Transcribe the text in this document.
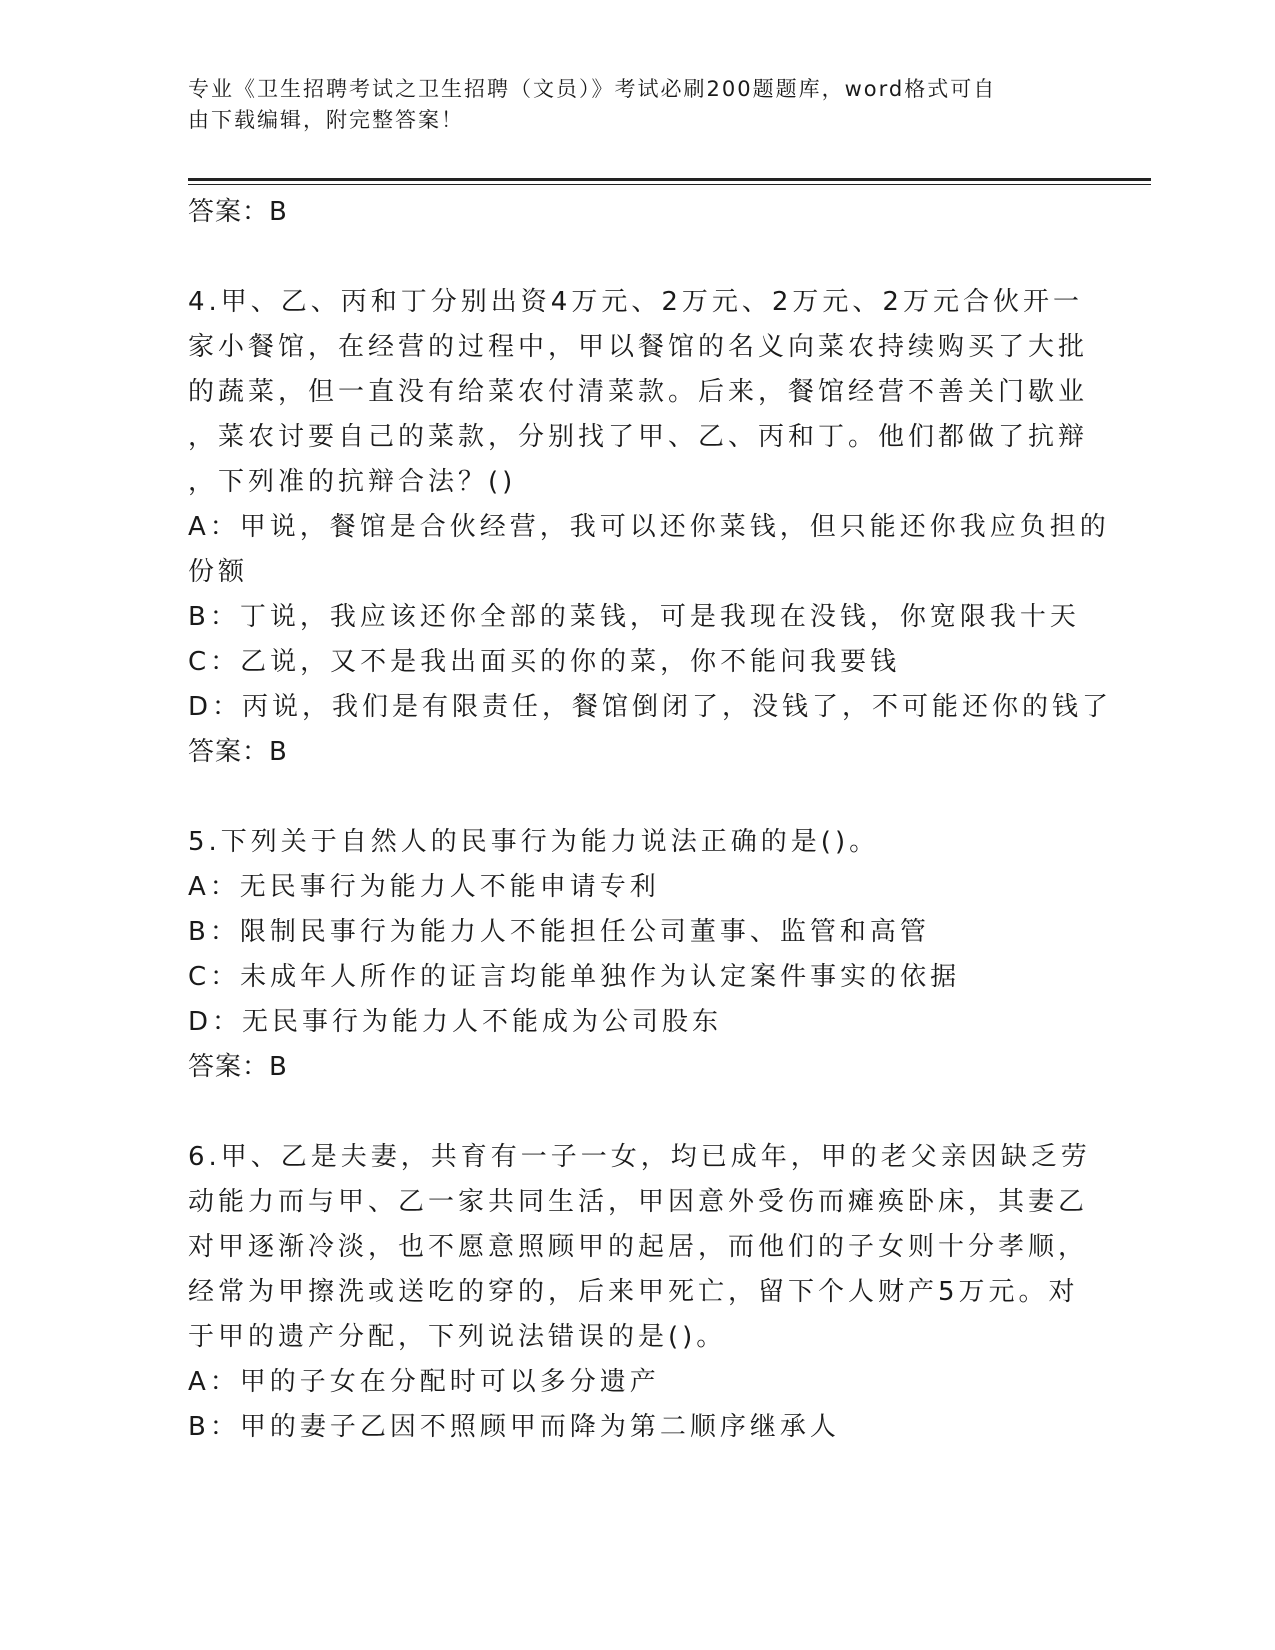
专业《卫生招聘考试之卫生招聘（文员）》考试必刷200题题库，word格式可自
由下载编辑，附完整答案！
答案：B
4.甲、乙、丙和丁分别出资4万元、2万元、2万元、2万元合伙开一
家小餐馆，在经营的过程中，甲以餐馆的名义向菜农持续购买了大批
的蔬菜，但一直没有给菜农付清菜款。后来，餐馆经营不善关门歇业
，菜农讨要自己的菜款，分别找了甲、乙、丙和丁。他们都做了抗辩
，下列准的抗辩合法？()
A：甲说，餐馆是合伙经营，我可以还你菜钱，但只能还你我应负担的
份额
B：丁说，我应该还你全部的菜钱，可是我现在没钱，你宽限我十天
C：乙说，又不是我出面买的你的菜，你不能问我要钱
D：丙说，我们是有限责任，餐馆倒闭了，没钱了，不可能还你的钱了
答案：B
5.下列关于自然人的民事行为能力说法正确的是()。
A：无民事行为能力人不能申请专利
B：限制民事行为能力人不能担任公司董事、监管和高管
C：未成年人所作的证言均能单独作为认定案件事实的依据
D：无民事行为能力人不能成为公司股东
答案：B
6.甲、乙是夫妻，共育有一子一女，均已成年，甲的老父亲因缺乏劳
动能力而与甲、乙一家共同生活，甲因意外受伤而瘫痪卧床，其妻乙
对甲逐渐冷淡，也不愿意照顾甲的起居，而他们的子女则十分孝顺，
经常为甲擦洗或送吃的穿的，后来甲死亡，留下个人财产5万元。对
于甲的遗产分配，下列说法错误的是()。
A：甲的子女在分配时可以多分遗产
B：甲的妻子乙因不照顾甲而降为第二顺序继承人
